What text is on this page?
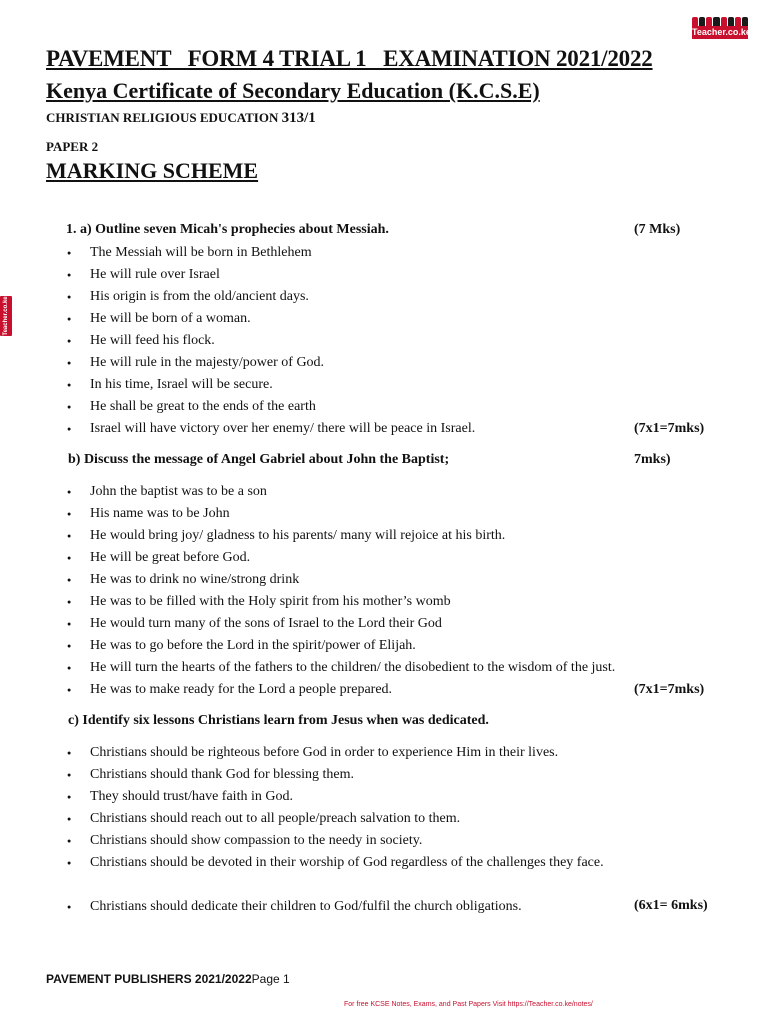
Teacher.co.ke
Teacher.co.ke
PAVEMENT   FORM 4 TRIAL 1   EXAMINATION 2021/2022
Kenya Certificate of Secondary Education (K.C.S.E)
CHRISTIAN RELIGIOUS EDUCATION 313/1
PAPER 2
MARKING SCHEME
1. a) Outline seven Micah's prophecies about Messiah.	(7 Mks)
● The Messiah will be born in Bethlehem
● He will rule over Israel
● His origin is from the old/ancient days.
● He will be born of a woman.
● He will feed his flock.
● He will rule in the majesty/power of God.
● In his time, Israel will be secure.
● He shall be great to the ends of the earth
● Israel will have victory over her enemy/ there will be peace in Israel.	(7x1=7mks)
b) Discuss the message of Angel Gabriel about John the Baptist;	7mks)
● John the baptist was to be a son
● His name was to be John
● He would bring joy/ gladness to his parents/ many will rejoice at his birth.
● He will be great before God.
● He was to drink no wine/strong drink
● He was to be filled with the Holy spirit from his mother’s womb
● He would turn many of the sons of Israel to the Lord their God
● He was to go before the Lord in the spirit/power of Elijah.
● He will turn the hearts of the fathers to the children/ the disobedient to the wisdom of the just.
● He was to make ready for the Lord a people prepared.	(7x1=7mks)
c) Identify six lessons Christians learn from Jesus when was dedicated.
● Christians should be righteous before God in order to experience Him in their lives.
● Christians should thank God for blessing them.
● They should trust/have faith in God.
● Christians should reach out to all people/preach salvation to them.
● Christians should show compassion to the needy in society.
● Christians should be devoted in their worship of God regardless of the challenges they face.
● Christians should dedicate their children to God/fulfil the church obligations.	(6x1= 6mks)
PAVEMENT PUBLISHERS 2021/2022Page 1
For free KCSE Notes, Exams, and Past Papers Visit https://Teacher.co.ke/notes/
